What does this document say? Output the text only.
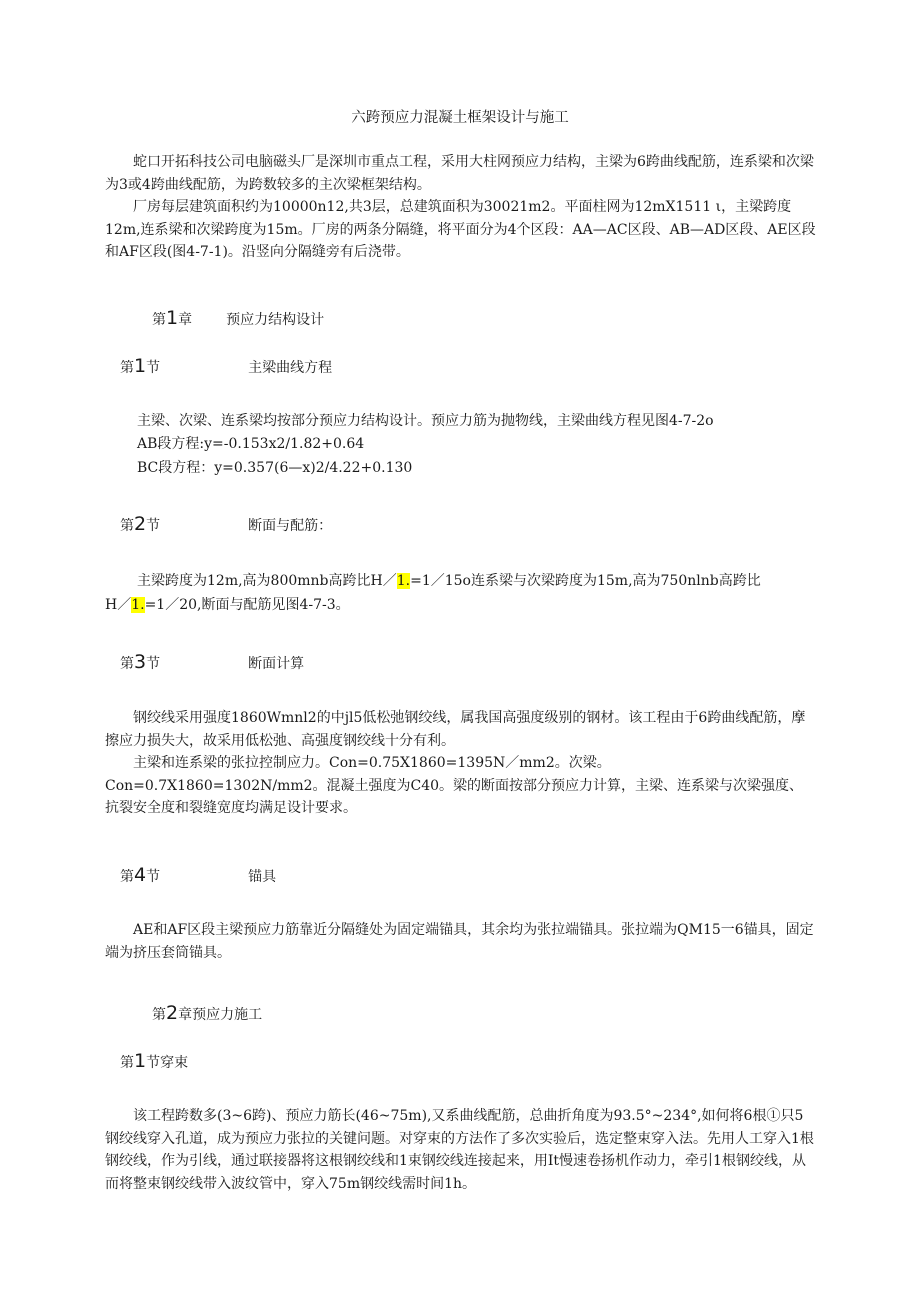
六跨预应力混凝土框架设计与施工

蛇口开拓科技公司电脑磁头厂是深圳市重点工程，采用大柱网预应力结构，主梁为6跨曲线配筋，连系梁和次梁为3或4跨曲线配筋，为跨数较多的主次梁框架结构。

厂房每层建筑面积约为10000n12,共3层，总建筑面积为30021m2。平面柱网为12mX1511 ι，主梁跨度12m,连系梁和次梁跨度为15m。厂房的两条分隔缝，将平面分为4个区段：AA—AC区段、AB—AD区段、AE区段和AF区段(图4-7-1)。沿竖向分隔缝旁有后浇带。

第1章 预应力结构设计
第1节	主梁曲线方程
主梁、次梁、连系梁均按部分预应力结构设计。预应力筋为抛物线，主梁曲线方程见图4-7-2o
AB段方程:y=-0.153x2/1.82+0.64
BC段方程：y=0.357(6—x)2/4.22+0.130
第2节	断面与配筋：
主梁跨度为12m,高为800mnb高跨比H／1.=1／15o连系梁与次梁跨度为15m,高为750nlnb高跨比
H／1.=1／20,断面与配筋见图4-7-3。
第3节	断面计算

钢绞线采用强度1860Wmnl2的中jl5低松弛钢绞线，属我国高强度级别的钢材。该工程由于6跨曲线配筋，摩擦应力损失大，故采用低松弛、高强度钢绞线十分有利。

主梁和连系梁的张拉控制应力。Con=0.75X1860=1395N／mm2。次梁。Con=0.7X1860=1302N/mm2。混凝土强度为C40。梁的断面按部分预应力计算，主梁、连系梁与次梁强度、抗裂安全度和裂缝宽度均满足设计要求。

第4节	锚具

AE和AF区段主梁预应力筋靠近分隔缝处为固定端锚具，其余均为张拉端锚具。张拉端为QM15一6锚具，固定端为挤压套筒锚具。

第2章预应力施工
第1节穿束

该工程跨数多(3~6跨)、预应力筋长(46~75m),又系曲线配筋，总曲折角度为93.5°~234°,如何将6根①只5钢绞线穿入孔道，成为预应力张拉的关键问题。对穿束的方法作了多次实验后，选定整束穿入法。先用人工穿入1根钢绞线，作为引线，通过联接器将这根钢绞线和1束钢绞线连接起来，用It慢速卷扬机作动力，牵引1根钢绞线，从而将整束钢绞线带入波纹管中，穿入75m钢绞线需时间1h。
